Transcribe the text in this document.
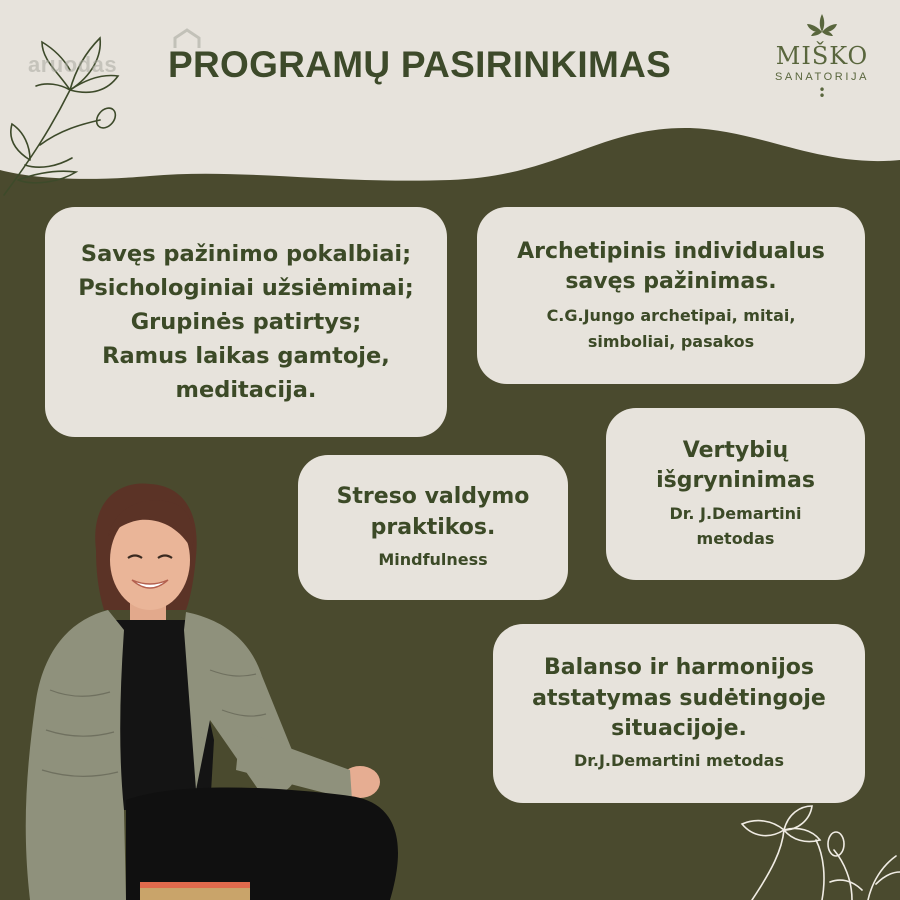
aruodas PROGRAMŲ PASIRINKIMAS	MIŠKO
SANATORIJA
•
•
Savęs pažinimo pokalbiai;
Psichologiniai užsiėmimai;
Grupinės patirtys;
Ramus laikas gamtoje,
meditacija.
Archetipinis individualus
savęs pažinimas.
C.G.Jungo archetipai, mitai,
simboliai, pasakos
Vertybių
išgryninimas
Dr. J.Demartini
metodas
Streso valdymo
praktikos.
Mindfulness
Balanso ir harmonijos
atstatymas sudėtingoje
situacijoje.
Dr.J.Demartini metodas
